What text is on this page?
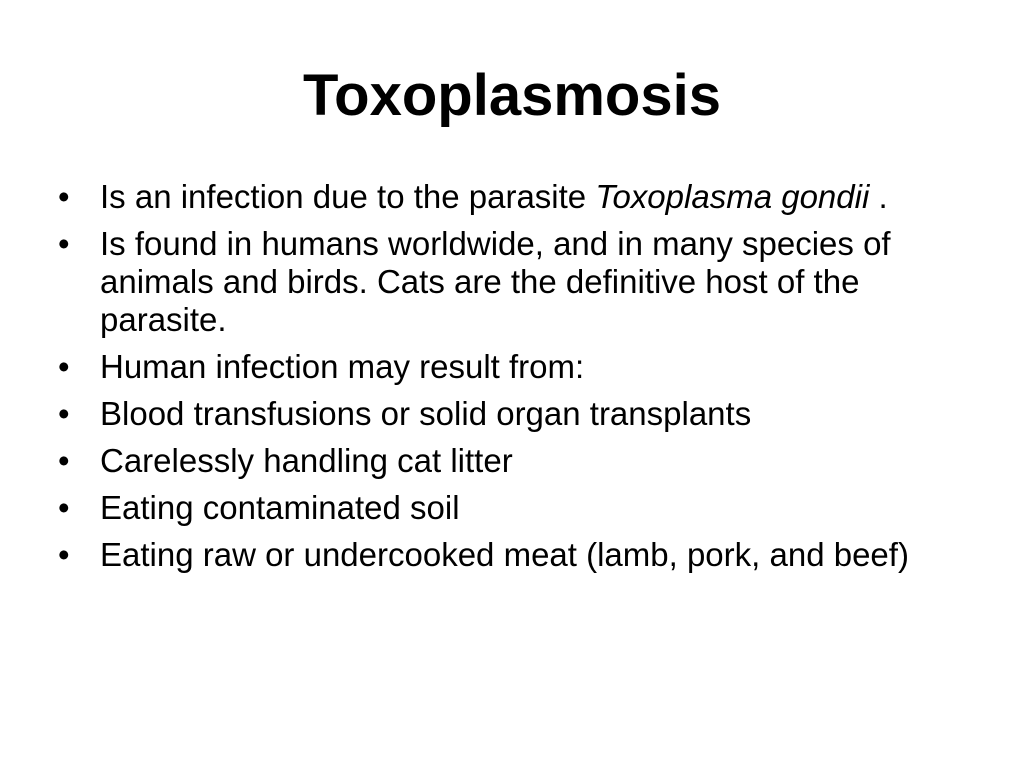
Toxoplasmosis
•
Is an infection due to the parasite Toxoplasma gondii .
•
Is found in humans worldwide, and in many species of animals and birds. Cats are the definitive host of the parasite.
•
Human infection may result from:
•
Blood transfusions or solid organ transplants
•
Carelessly handling cat litter
•
Eating contaminated soil
•
Eating raw or undercooked meat (lamb, pork, and beef)
